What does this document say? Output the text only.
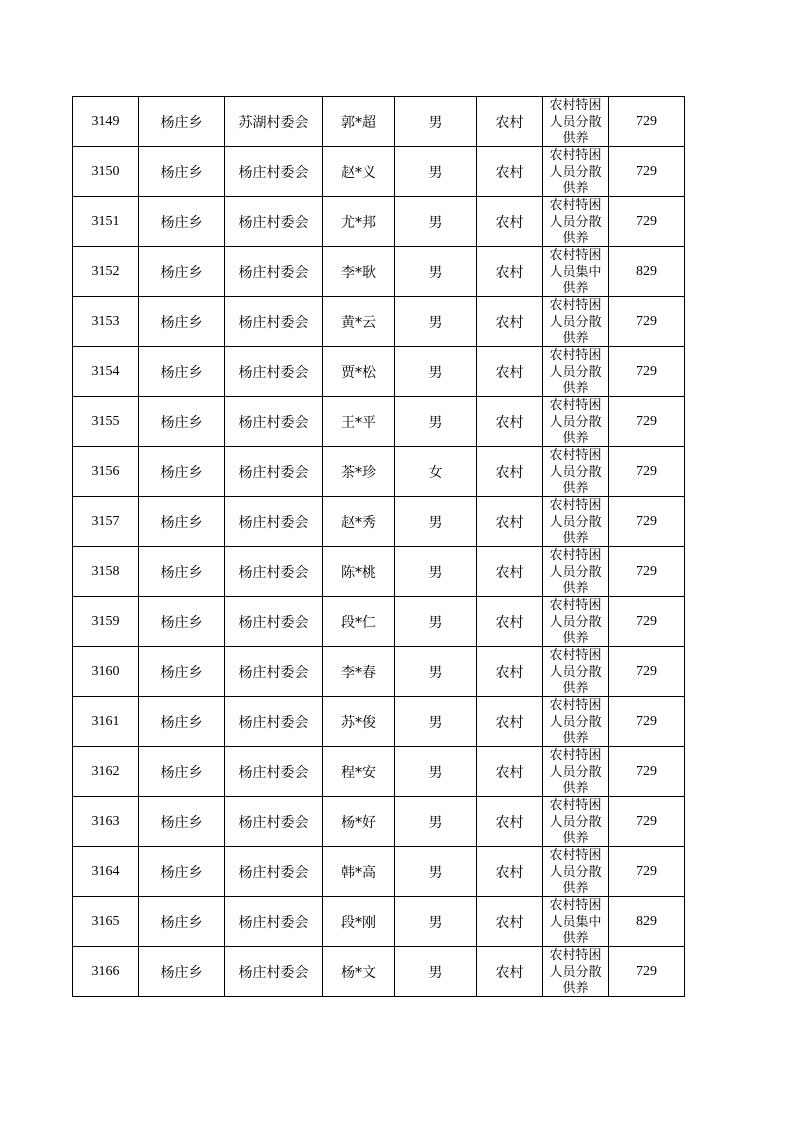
3149	杨庄乡	苏湖村委会	郭*超	男	农村	农村特困
人员分散
供养	729
3150	杨庄乡	杨庄村委会	赵*义	男	农村	农村特困
人员分散
供养	729
3151	杨庄乡	杨庄村委会	尤*邦	男	农村	农村特困
人员分散
供养	729
3152	杨庄乡	杨庄村委会	李*耿	男	农村	农村特困
人员集中
供养	829
3153	杨庄乡	杨庄村委会	黄*云	男	农村	农村特困
人员分散
供养	729
3154	杨庄乡	杨庄村委会	贾*松	男	农村	农村特困
人员分散
供养	729
3155	杨庄乡	杨庄村委会	王*平	男	农村	农村特困
人员分散
供养	729
3156	杨庄乡	杨庄村委会	茶*珍	女	农村	农村特困
人员分散
供养	729
3157	杨庄乡	杨庄村委会	赵*秀	男	农村	农村特困
人员分散
供养	729
3158	杨庄乡	杨庄村委会	陈*桃	男	农村	农村特困
人员分散
供养	729
3159	杨庄乡	杨庄村委会	段*仁	男	农村	农村特困
人员分散
供养	729
3160	杨庄乡	杨庄村委会	李*春	男	农村	农村特困
人员分散
供养	729
3161	杨庄乡	杨庄村委会	苏*俊	男	农村	农村特困
人员分散
供养	729
3162	杨庄乡	杨庄村委会	程*安	男	农村	农村特困
人员分散
供养	729
3163	杨庄乡	杨庄村委会	杨*好	男	农村	农村特困
人员分散
供养	729
3164	杨庄乡	杨庄村委会	韩*高	男	农村	农村特困
人员分散
供养	729
3165	杨庄乡	杨庄村委会	段*刚	男	农村	农村特困
人员集中
供养	829
3166	杨庄乡	杨庄村委会	杨*文	男	农村	农村特困
人员分散
供养	729
